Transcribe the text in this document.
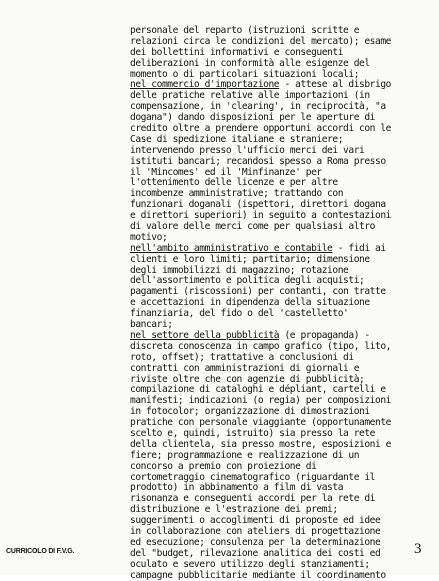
personale del reparto (istruzioni scritte e
relazioni circa le condizioni del mercato); esame
dei bollettini informativi e conseguenti
deliberazioni in conformità alle esigenze del
momento o di particolari situazioni locali;
nel commercio d'importazione - attese al disbrigo
delle pratiche relative alle importazioni (in
compensazione, in 'clearing', in reciprocità, "a
dogana") dando disposizioni per le aperture di
credito oltre a prendere opportuni accordi con le
Case di spedizione italiane e straniere;
intervenendo presso l'ufficio merci dei vari
istituti bancari; recandosi spesso a Roma presso
il 'Mincomes' ed il 'Minfinanze' per
l'ottenimento delle licenze e per altre
incombenze amministrative; trattando con
funzionari doganali (ispettori, direttori dogana
e direttori superiori) in seguito a contestazioni
di valore delle merci come per qualsiasi altro
motivo;
nell'ambito amministrativo e contabile - fidi ai
clienti e loro limiti; partitario; dimensione
degli immobilizzi di magazzino; rotazione
dell'assortimento e politica degli acquisti;
pagamenti (riscossioni) per contanti, con tratte
e accettazioni in dipendenza della situazione
finanziaria, del fido o del 'castelletto'
bancari;
nel settore della pubblicità (e propaganda) -
discreta conoscenza in campo grafico (tipo, lito,
roto, offset); trattative a conclusioni di
contratti con amministrazioni di giornali e
riviste oltre che con agenzie di pubblicità;
compilazione di cataloghi e dépliant, cartelli e
manifesti; indicazioni (o regia) per composizioni
in fotocolor; organizzazione di dimostrazioni
pratiche con personale viaggiante (opportunamente
scelto e, quindi, istruito) sia presso la rete
della clientela, sia presso mostre, esposizioni e
fiere; programmazione e realizzazione di un
concorso a premio con proiezione di
cortometraggio cinematografico (riguardante il
prodotto) in abbinamento a film di vasta
risonanza e conseguenti accordi per la rete di
distribuzione e l'estrazione dei premi;
suggerimenti o accoglimenti di proposte ed idee
in collaborazione con ateliers di progettazione
ed esecuzione; consulenza per la determinazione
del "budget, rilevazione analitica dei costi ed
oculato e severo utilizzo degli stanziamenti;
campagne pubblicitarie mediante il coordinamento
CURRICOLO DI F.V.G.	3
